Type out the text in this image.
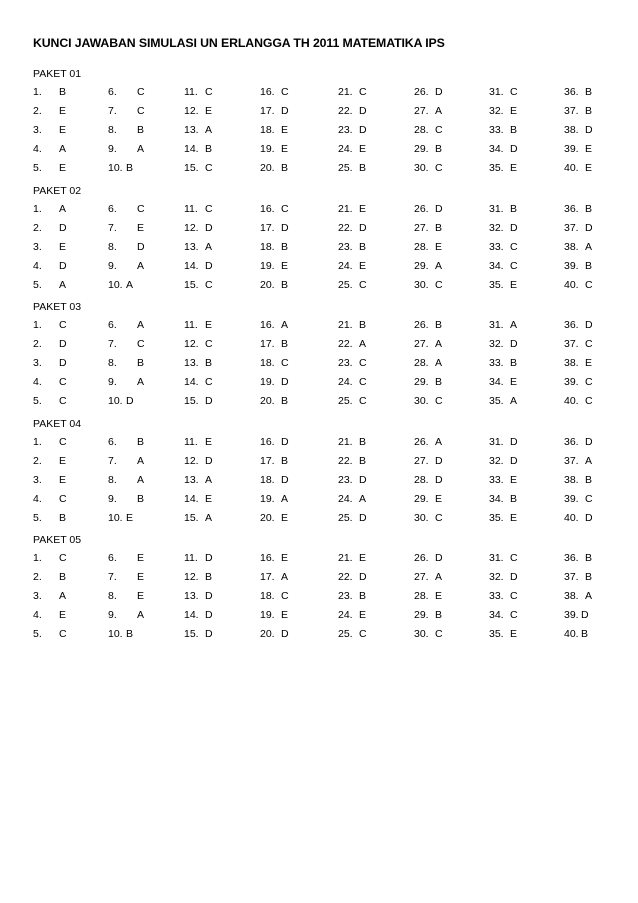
KUNCI JAWABAN SIMULASI UN ERLANGGA TH 2011 MATEMATIKA IPS
PAKET 01
1. B	6. C	11. C	16. C	21. C	26. D	31. C	36. B
2. E	7. C	12. E	17. D	22. D	27. A	32. E	37. B
3. E	8. B	13. A	18. E	23. D	28. C	33. B	38. D
4. A	9. A	14. B	19. E	24. E	29. B	34. D	39. E
5. E	10. B	15. C	20. B	25. B	30. C	35. E	40. E
PAKET 02
1. A	6. C	11. C	16. C	21. E	26. D	31. B	36. B
2. D	7. E	12. D	17. D	22. D	27. B	32. D	37. D
3. E	8. D	13. A	18. B	23. B	28. E	33. C	38. A
4. D	9. A	14. D	19. E	24. E	29. A	34. C	39. B
5. A	10. A	15. C	20. B	25. C	30. C	35. E	40. C
PAKET 03
1. C	6. A	11. E	16. A	21. B	26. B	31. A	36. D
2. D	7. C	12. C	17. B	22. A	27. A	32. D	37. C
3. D	8. B	13. B	18. C	23. C	28. A	33. B	38. E
4. C	9. A	14. C	19. D	24. C	29. B	34. E	39. C
5. C	10. D	15. D	20. B	25. C	30. C	35. A	40. C
PAKET 04
1. C	6. B	11. E	16. D	21. B	26. A	31. D	36. D
2. E	7. A	12. D	17. B	22. B	27. D	32. D	37. A
3. E	8. A	13. A	18. D	23. D	28. D	33. E	38. B
4. C	9. B	14. E	19. A	24. A	29. E	34. B	39. C
5. B	10. E	15. A	20. E	25. D	30. C	35. E	40. D
PAKET 05
1. C	6. E	11. D	16. E	21. E	26. D	31. C	36. B
2. B	7. E	12. B	17. A	22. D	27. A	32. D	37. B
3. A	8. E	13. D	18. C	23. B	28. E	33. C	38. A
4. E	9. A	14. D	19. E	24. E	29. B	34. C	39. D
5. C	10. B	15. D	20. D	25. C	30. C	35. E	40. B
